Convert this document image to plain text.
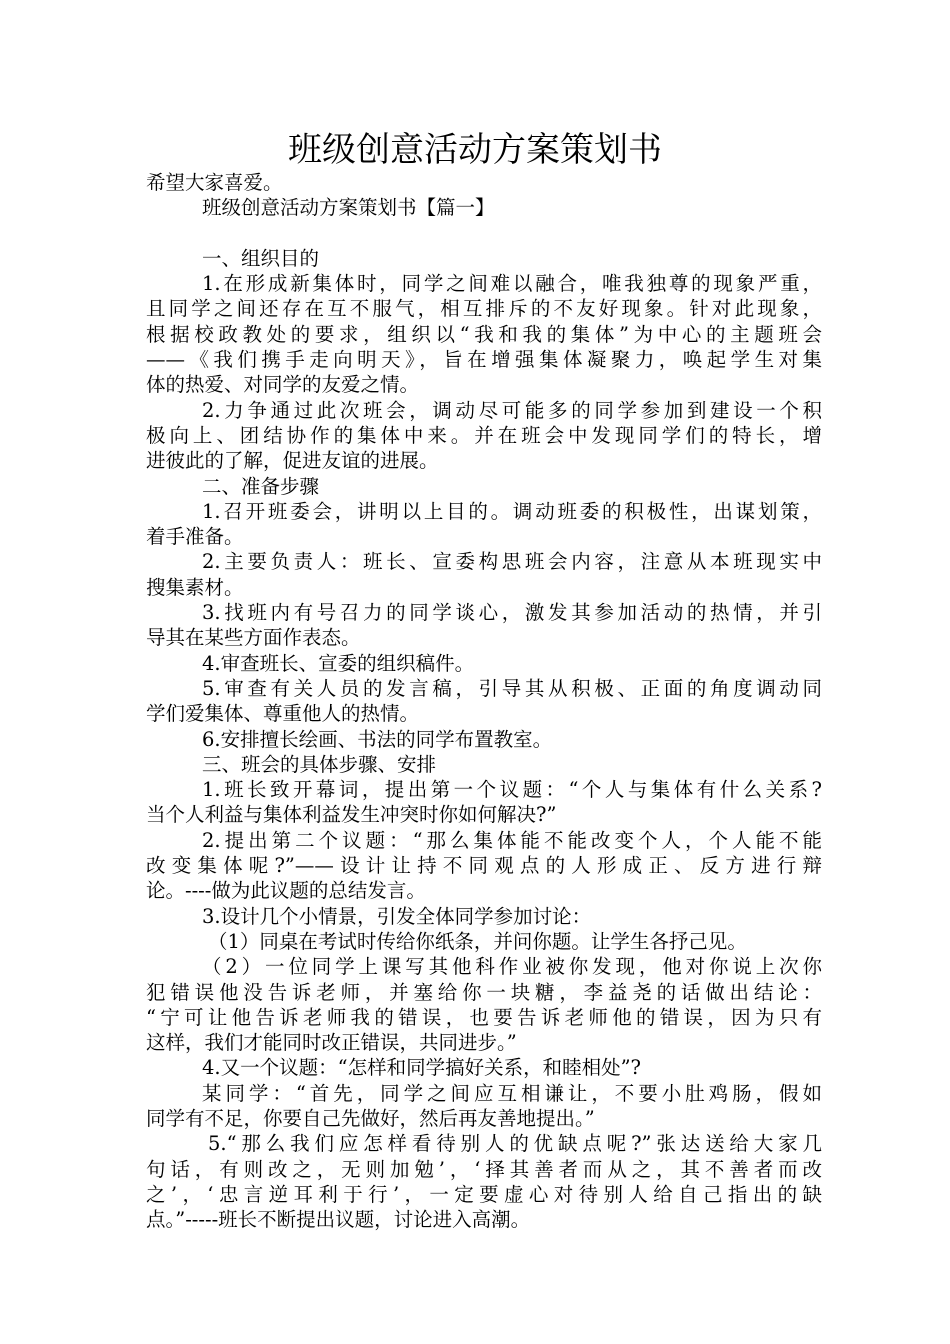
班级创意活动方案策划书
希望大家喜爱。
班级创意活动方案策划书【篇一】
一、组织目的
1.在形成新集体时，同学之间难以融合，唯我独尊的现象严重，
且同学之间还存在互不服气，相互排斥的不友好现象。针对此现象，
根据校政教处的要求，组织以“我和我的集体”为中心的主题班会
——《我们携手走向明天》，旨在增强集体凝聚力，唤起学生对集
体的热爱、对同学的友爱之情。
2.力争通过此次班会，调动尽可能多的同学参加到建设一个积
极向上、团结协作的集体中来。并在班会中发现同学们的特长，增
进彼此的了解，促进友谊的进展。
二、准备步骤
1.召开班委会，讲明以上目的。调动班委的积极性，出谋划策，
着手准备。
2.主要负责人：班长、宣委构思班会内容，注意从本班现实中
搜集素材。
3.找班内有号召力的同学谈心，激发其参加活动的热情，并引
导其在某些方面作表态。
4.审查班长、宣委的组织稿件。
5.审查有关人员的发言稿，引导其从积极、正面的角度调动同
学们爱集体、尊重他人的热情。
6.安排擅长绘画、书法的同学布置教室。
三、班会的具体步骤、安排
1.班长致开幕词，提出第一个议题：“个人与集体有什么关系?
当个人利益与集体利益发生冲突时你如何解决?”
2.提出第二个议题：“那么集体能不能改变个人，个人能不能
改变集体呢?”——设计让持不同观点的人形成正、反方进行辩
论。----做为此议题的总结发言。
3.设计几个小情景，引发全体同学参加讨论：
（1）同桌在考试时传给你纸条，并问你题。让学生各抒己见。
（2）一位同学上课写其他科作业被你发现，他对你说上次你
犯错误他没告诉老师，并塞给你一块糖，李益尧的话做出结论：
“宁可让他告诉老师我的错误，也要告诉老师他的错误，因为只有
这样，我们才能同时改正错误，共同进步。”
4.又一个议题：“怎样和同学搞好关系，和睦相处”?
某同学：“首先，同学之间应互相谦让，不要小肚鸡肠，假如
同学有不足，你要自己先做好，然后再友善地提出。”
5.“那么我们应怎样看待别人的优缺点呢?”张达送给大家几
句话，有则改之，无则加勉’，‘择其善者而从之，其不善者而改
之’，‘忠言逆耳利于行’，一定要虚心对待别人给自己指出的缺
点。”-----班长不断提出议题，讨论进入高潮。
